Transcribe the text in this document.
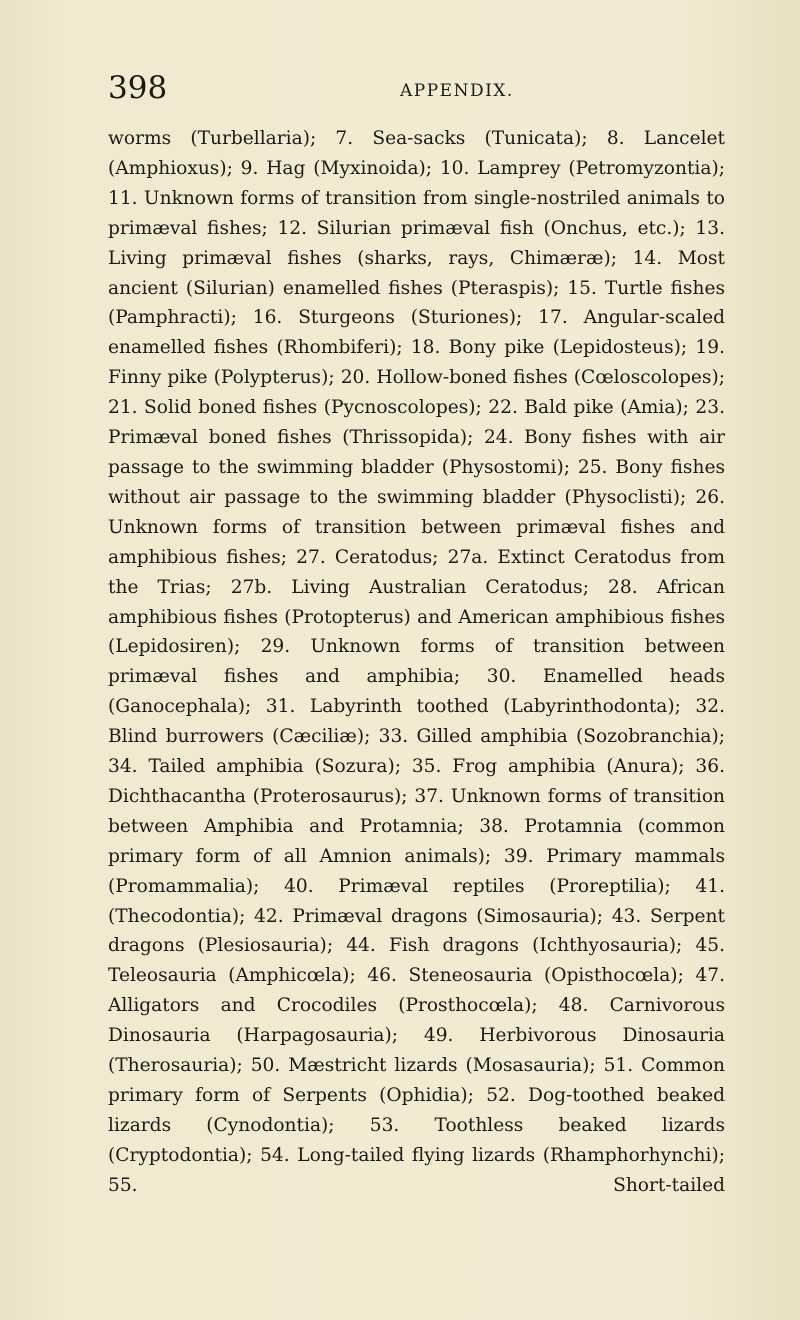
398	APPENDIX.

worms (Turbellaria); 7. Sea-sacks (Tunicata); 8. Lancelet (Amphioxus); 9. Hag (Myxinoida); 10. Lamprey (Petromyzontia); 11. Unknown forms of transition from single-nostriled animals to primæval fishes; 12. Silurian primæval fish (Onchus, etc.); 13. Living primæval fishes (sharks, rays, Chimæræ); 14. Most ancient (Silurian) enamelled fishes (Pteraspis); 15. Turtle fishes (Pamphracti); 16. Sturgeons (Sturiones); 17. Angular-scaled enamelled fishes (Rhombiferi); 18. Bony pike (Lepidosteus); 19. Finny pike (Polypterus); 20. Hollow-boned fishes (Cœloscolopes); 21. Solid boned fishes (Pycnoscolopes); 22. Bald pike (Amia); 23. Primæval boned fishes (Thrissopida); 24. Bony fishes with air passage to the swimming bladder (Physostomi); 25. Bony fishes without air passage to the swimming bladder (Physoclisti); 26. Unknown forms of transition between primæval fishes and amphibious fishes; 27. Ceratodus; 27a. Extinct Ceratodus from the Trias; 27b. Living Australian Ceratodus; 28. African amphibious fishes (Protopterus) and American amphibious fishes (Lepidosiren); 29. Unknown forms of transition between primæval fishes and amphibia; 30. Enamelled heads (Ganocephala); 31. Labyrinth toothed (Labyrinthodonta); 32. Blind burrowers (Cæciliæ); 33. Gilled amphibia (Sozobranchia); 34. Tailed amphibia (Sozura); 35. Frog amphibia (Anura); 36. Dichthacantha (Proterosaurus); 37. Unknown forms of transition between Amphibia and Protamnia; 38. Protamnia (common primary form of all Amnion animals); 39. Primary mammals (Promammalia); 40. Primæval reptiles (Proreptilia); 41. (Thecodontia); 42. Primæval dragons (Simosauria); 43. Serpent dragons (Plesiosauria); 44. Fish dragons (Ichthyosauria); 45. Teleosauria (Amphicœla); 46. Steneosauria (Opisthocœla); 47. Alligators and Crocodiles (Prosthocœla); 48. Carnivorous Dinosauria (Harpagosauria); 49. Herbivorous Dinosauria (Therosauria); 50. Mæstricht lizards (Mosasauria); 51. Common primary form of Serpents (Ophidia); 52. Dog-toothed beaked lizards (Cynodontia); 53. Toothless beaked lizards (Cryptodontia); 54. Long-tailed flying lizards (Rhamphorhynchi); 55. Short-tailed
